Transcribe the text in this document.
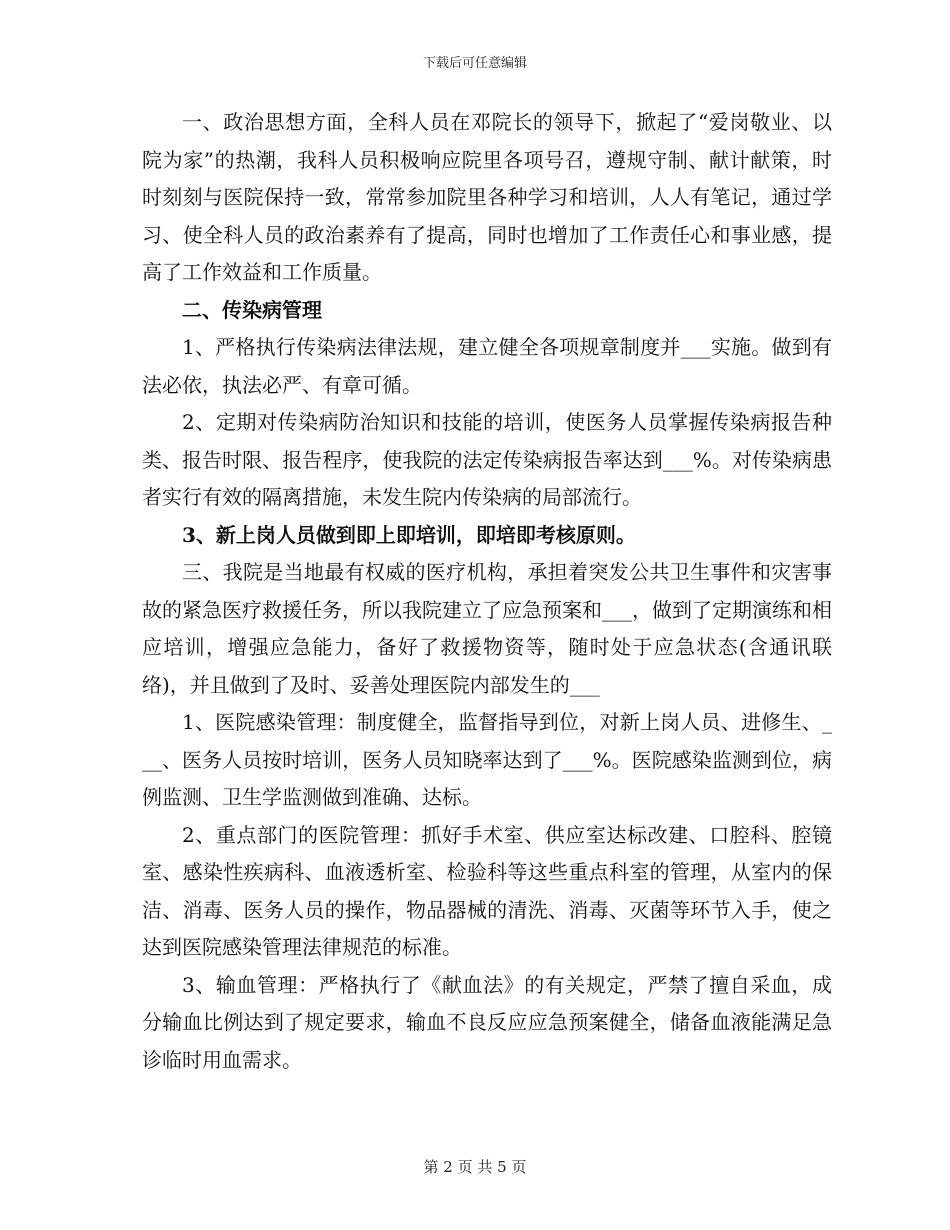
下载后可任意编辑

一、政治思想方面，全科人员在邓院长的领导下，掀起了“爱岗敬业、以院为家”的热潮，我科人员积极响应院里各项号召，遵规守制、献计献策，时时刻刻与医院保持一致，常常参加院里各种学习和培训，人人有笔记，通过学习、使全科人员的政治素养有了提高，同时也增加了工作责任心和事业感，提高了工作效益和工作质量。

二、传染病管理

1、严格执行传染病法律法规，建立健全各项规章制度并___实施。做到有法必依，执法必严、有章可循。

2、定期对传染病防治知识和技能的培训，使医务人员掌握传染病报告种类、报告时限、报告程序，使我院的法定传染病报告率达到___%。对传染病患者实行有效的隔离措施，未发生院内传染病的局部流行。

3、新上岗人员做到即上即培训，即培即考核原则。

三、我院是当地最有权威的医疗机构，承担着突发公共卫生事件和灾害事故的紧急医疗救援任务，所以我院建立了应急预案和___，做到了定期演练和相应培训，增强应急能力，备好了救援物资等，随时处于应急状态(含通讯联络)，并且做到了及时、妥善处理医院内部发生的___

1、医院感染管理：制度健全，监督指导到位，对新上岗人员、进修生、___、医务人员按时培训，医务人员知晓率达到了___%。医院感染监测到位，病例监测、卫生学监测做到准确、达标。

2、重点部门的医院管理：抓好手术室、供应室达标改建、口腔科、腔镜室、感染性疾病科、血液透析室、检验科等这些重点科室的管理，从室内的保洁、消毒、医务人员的操作，物品器械的清洗、消毒、灭菌等环节入手，使之达到医院感染管理法律规范的标准。

3、输血管理：严格执行了《献血法》的有关规定，严禁了擅自采血，成分输血比例达到了规定要求，输血不良反应应急预案健全，储备血液能满足急诊临时用血需求。

第 2 页 共 5 页
